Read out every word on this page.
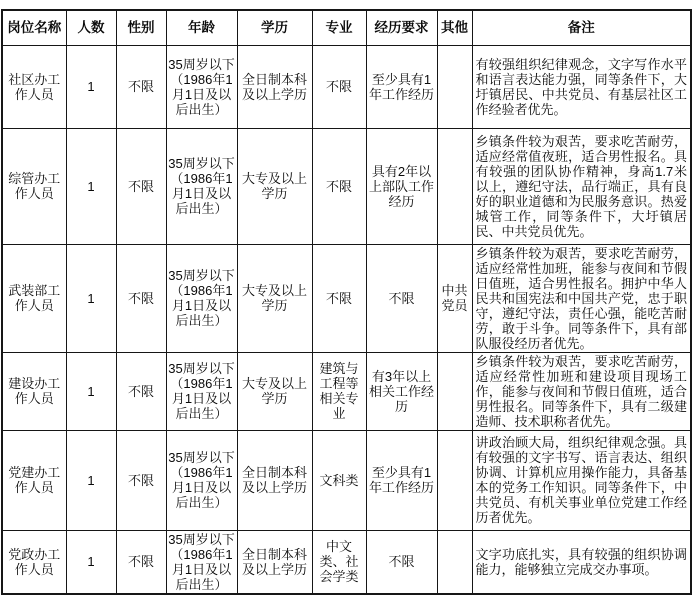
岗位名称	人数	性别	年龄	学历	专业	经历要求	其他	备注
社区办工作人员	1	不限	35周岁以下（1986年1月1日及以后出生）	全日制本科及以上学历	不限	至少具有1年工作经历		有较强组织纪律观念，文字写作水平和语言表达能力强，同等条件下，大圩镇居民、中共党员、有基层社区工作经验者优先。
综管办工作人员	1	不限	35周岁以下（1986年1月1日及以后出生）	大专及以上学历	不限	具有2年以上部队工作经历		乡镇条件较为艰苦，要求吃苦耐劳，适应经常值夜班，适合男性报名。具有较强的团队协作精神，身高1.7米以上，遵纪守法，品行端正，具有良好的职业道德和为民服务意识。热爱城管工作，同等条件下，大圩镇居民、中共党员优先。
武装部工作人员	1	不限	35周岁以下（1986年1月1日及以后出生）	大专及以上学历	不限	不限	中共党员	乡镇条件较为艰苦，要求吃苦耐劳，适应经常性加班，能参与夜间和节假日值班，适合男性报名。拥护中华人民共和国宪法和中国共产党，忠于职守，遵纪守法，责任心强，能吃苦耐劳，敢于斗争。同等条件下，具有部队服役经历者优先。
建设办工作人员	1	不限	35周岁以下（1986年1月1日及以后出生）	大专及以上学历	建筑与工程等相关专业	有3年以上相关工作经历		乡镇条件较为艰苦，要求吃苦耐劳，适应经常性加班和建设项目现场工作，能参与夜间和节假日值班，适合男性报名。同等条件下，具有二级建造师、技术职称者优先。
党建办工作人员	1	不限	35周岁以下（1986年1月1日及以后出生）	全日制本科及以上学历	文科类	至少具有1年工作经历		讲政治顾大局，组织纪律观念强。具有较强的文字书写、语言表达、组织协调、计算机应用操作能力，具备基本的党务工作知识。同等条件下，中共党员、有机关事业单位党建工作经历者优先。
党政办工作人员	1	不限	35周岁以下（1986年1月1日及以后出生）	全日制本科及以上学历	中文类、社会学类	不限		文字功底扎实，具有较强的组织协调能力，能够独立完成交办事项。
